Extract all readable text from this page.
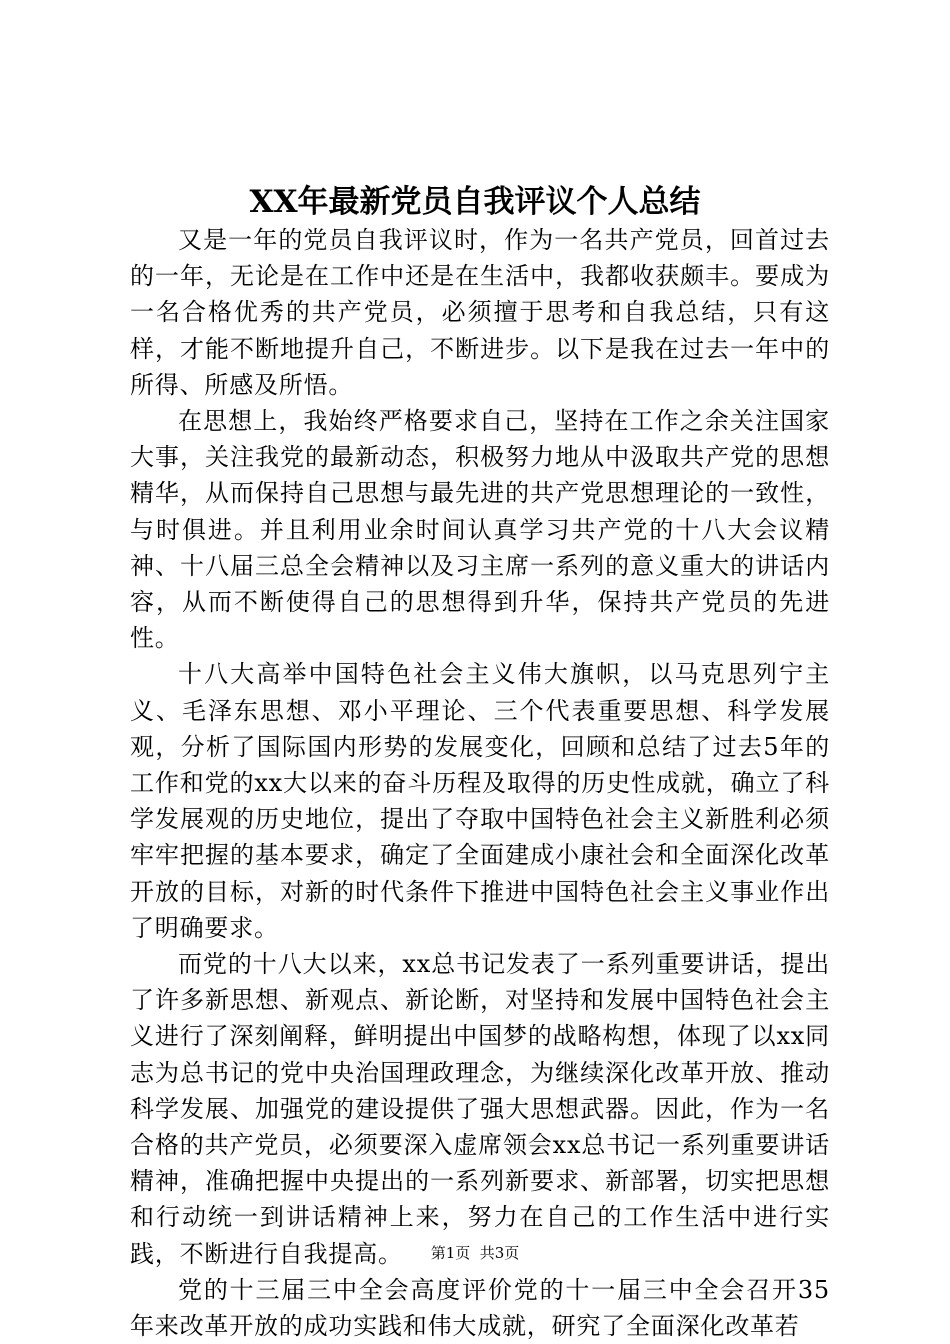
XX年最新党员自我评议个人总结

又是一年的党员自我评议时，作为一名共产党员，回首过去的一年，无论是在工作中还是在生活中，我都收获颇丰。要成为一名合格优秀的共产党员，必须擅于思考和自我总结，只有这样，才能不断地提升自己，不断进步。以下是我在过去一年中的所得、所感及所悟。

在思想上，我始终严格要求自己，坚持在工作之余关注国家大事，关注我党的最新动态，积极努力地从中汲取共产党的思想精华，从而保持自己思想与最先进的共产党思想理论的一致性，与时俱进。并且利用业余时间认真学习共产党的十八大会议精神、十八届三总全会精神以及习主席一系列的意义重大的讲话内容，从而不断使得自己的思想得到升华，保持共产党员的先进性。

十八大高举中国特色社会主义伟大旗帜，以马克思列宁主义、毛泽东思想、邓小平理论、三个代表重要思想、科学发展观，分析了国际国内形势的发展变化，回顾和总结了过去5年的工作和党的xx大以来的奋斗历程及取得的历史性成就，确立了科学发展观的历史地位，提出了夺取中国特色社会主义新胜利必须牢牢把握的基本要求，确定了全面建成小康社会和全面深化改革开放的目标，对新的时代条件下推进中国特色社会主义事业作出了明确要求。

而党的十八大以来，xx总书记发表了一系列重要讲话，提出了许多新思想、新观点、新论断，对坚持和发展中国特色社会主义进行了深刻阐释，鲜明提出中国梦的战略构想，体现了以xx同志为总书记的党中央治国理政理念，为继续深化改革开放、推动科学发展、加强党的建设提供了强大思想武器。因此，作为一名合格的共产党员，必须要深入虚席领会xx总书记一系列重要讲话精神，准确把握中央提出的一系列新要求、新部署，切实把思想和行动统一到讲话精神上来，努力在自己的工作生活中进行实践，不断进行自我提高。

党的十三届三中全会高度评价党的十一届三中全会召开35年来改革开放的成功实践和伟大成就，研究了全面深化改革若

第1页  共3页
